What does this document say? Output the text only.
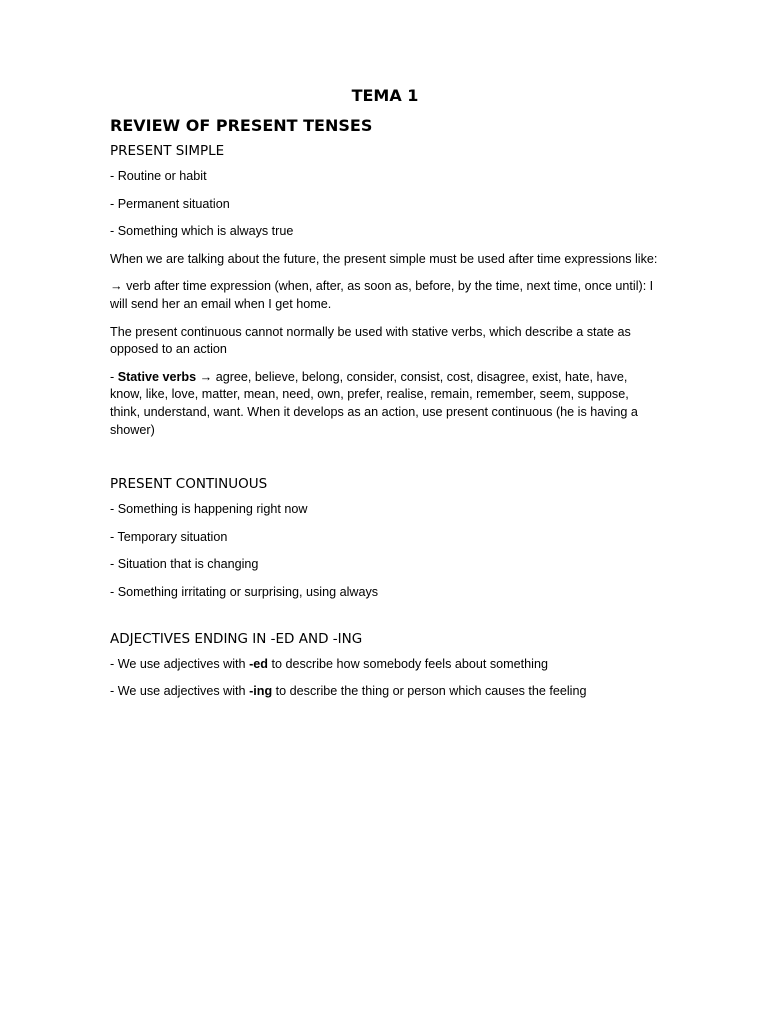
TEMA 1
REVIEW OF PRESENT TENSES
PRESENT SIMPLE

- Routine or habit

- Permanent situation

- Something which is always true

When we are talking about the future, the present simple must be used after time expressions like:

→ verb after time expression (when, after, as soon as, before, by the time, next time, once until): I will send her an email when I get home.

The present continuous cannot normally be used with stative verbs, which describe a state as opposed to an action

- Stative verbs → agree, believe, belong, consider, consist, cost, disagree, exist, hate, have, know, like, love, matter, mean, need, own, prefer, realise, remain, remember, seem, suppose, think, understand, want. When it develops as an action, use present continuous (he is having a shower)

PRESENT CONTINUOUS

- Something is happening right now

- Temporary situation

- Situation that is changing

- Something irritating or surprising, using always

ADJECTIVES ENDING IN -ED AND -ING

- We use adjectives with -ed to describe how somebody feels about something

- We use adjectives with -ing to describe the thing or person which causes the feeling
